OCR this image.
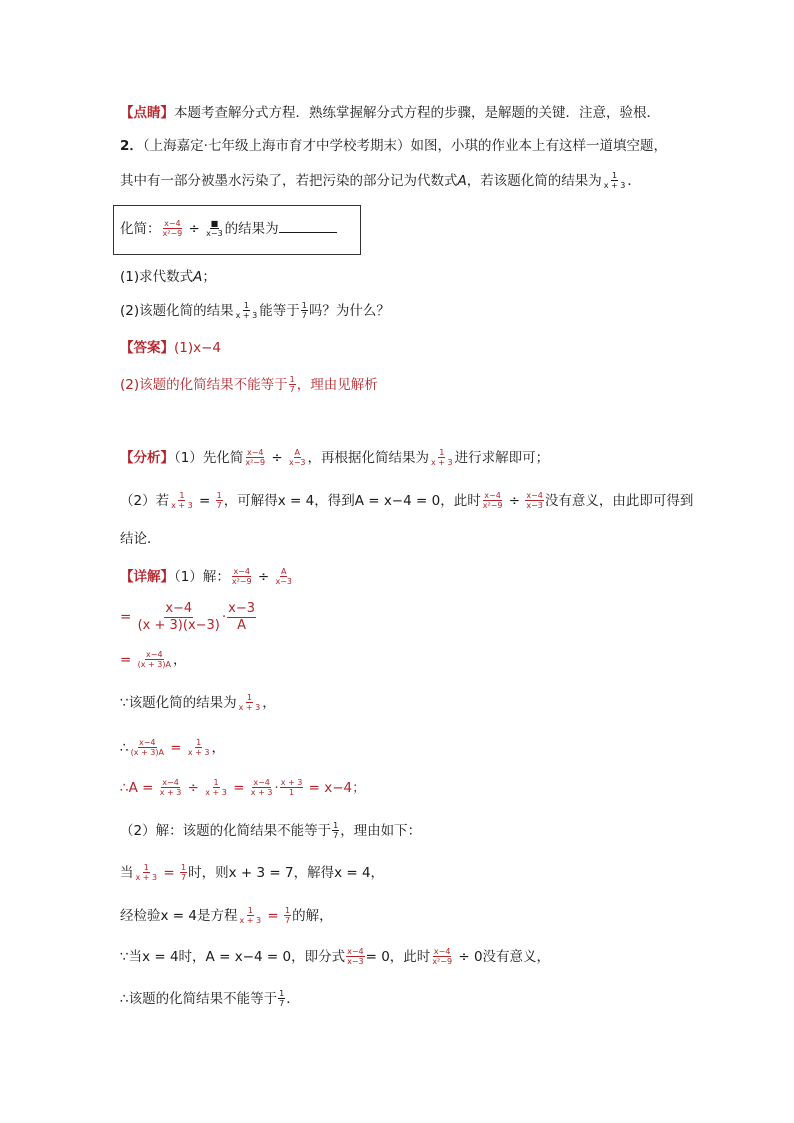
【点睛】本题考查解分式方程．熟练掌握解分式方程的步骤，是解题的关键．注意，验根．
2．（上海嘉定·七年级上海市育才中学校考期末）如图，小琪的作业本上有这样一道填空题，
其中有一部分被墨水污染了，若把污染的部分记为代数式A，若该题化简的结果为 $\frac{1}{x + 3}$ ．
化简： $\frac{x-4}{\text{x²−9}} \div \frac{■}{x-3}$ 的结果为
(1)求代数式A；
(2)该题化简的结果 $\frac{1}{x + 3}$ 能等于 $\frac{1}{7}$ 吗？为什么？
【答案】(1)x−4
(2)该题的化简结果不能等于 $\frac{1}{7}$ ，理由见解析
【分析】（1）先化简 $\frac{x-4}{\text{x²−9}} \div \frac{A}{x-3}$ ，再根据化简结果为 $\frac{1}{x + 3}$ 进行求解即可；
（2）若 $\frac{1}{x + 3} = \frac{1}{7}$ ，可解得x = 4，得到A = x−4 = 0，此时 $\frac{x-4}{\text{x²−9}} \div \frac{x-4}{x-3}$ 没有意义，由此即可得到
结论．
【详解】（1）解： $\frac{x-4}{\text{x²−9}} \div \frac{A}{x-3}$
= $\frac{x-4}{(x + 3)(x-3)} \cdot \frac{x-3}{A}$
= $\frac{x-4}{(x + 3)A}$ ，
∵该题化简的结果为 $\frac{1}{x + 3}$ ，
∴ $\frac{x-4}{(x + 3)A} = \frac{1}{x + 3}$ ，
∴A = $\frac{x-4}{x + 3} \div \frac{1}{x + 3} = \frac{x-4}{x + 3} \cdot \frac{x + 3}{1} = x-4$；
（2）解：该题的化简结果不能等于 $\frac{1}{7}$ ，理由如下：
当 $\frac{1}{x + 3} = \frac{1}{7}$ 时，则x + 3 = 7，解得x = 4，
经检验x = 4是方程 $\frac{1}{x + 3} = \frac{1}{7}$ 的解，
∵当x = 4时，A = x−4 = 0，即分式 $\frac{x-4}{x-3} = 0$，此时 $\frac{x-4}{\text{x²−9}} \div 0$没有意义，
∴该题的化简结果不能等于 $\frac{1}{7}$ ．
